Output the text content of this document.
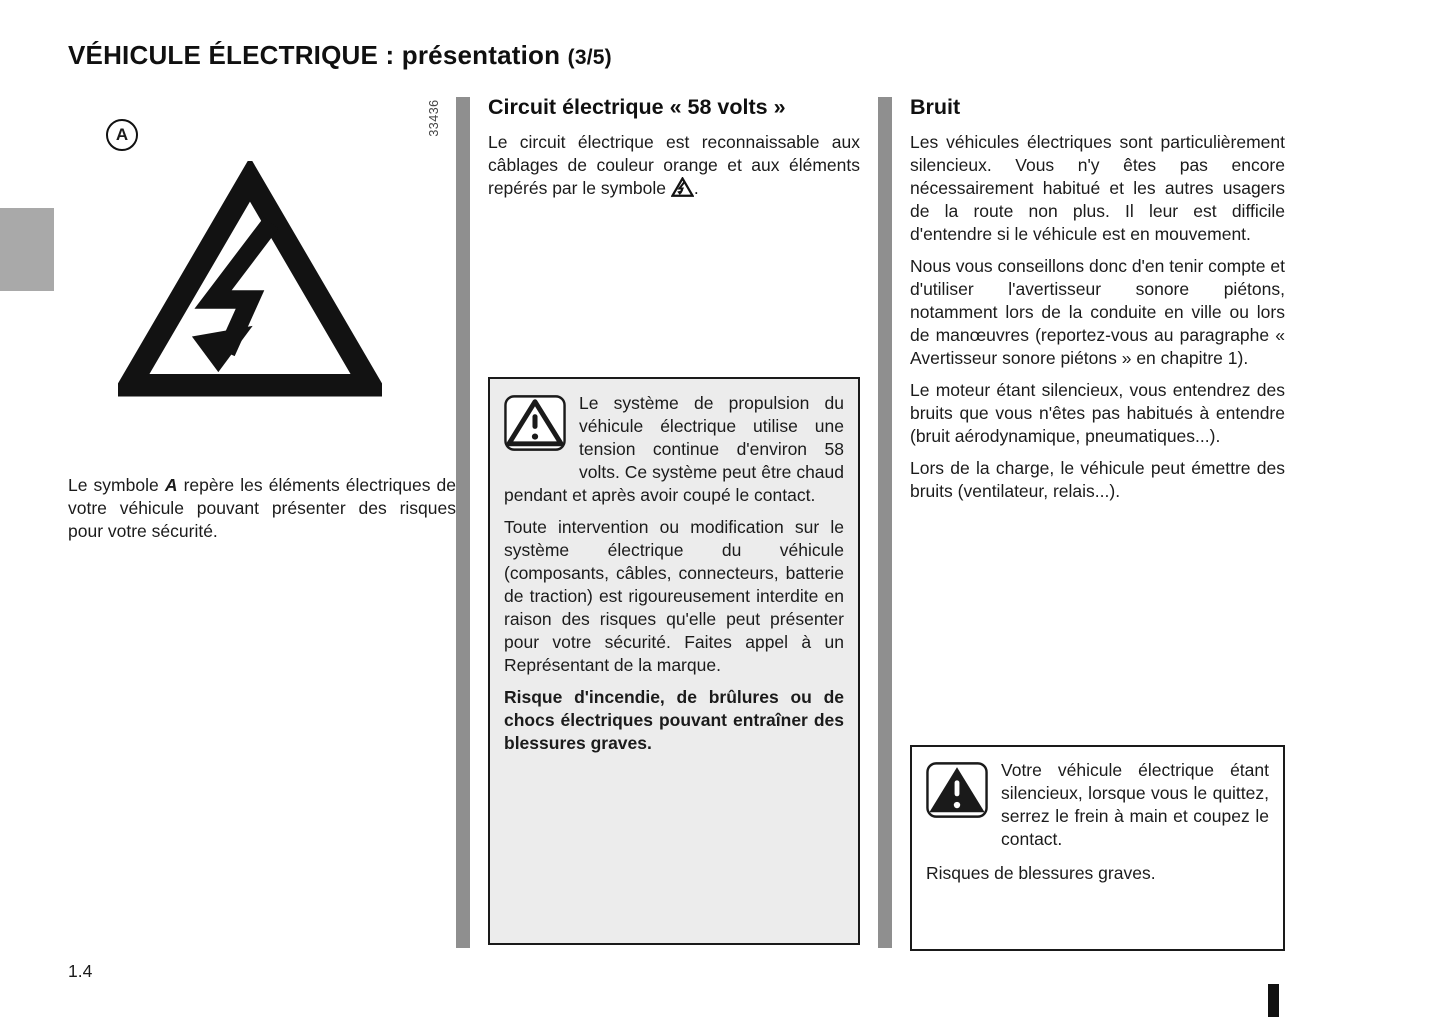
VÉHICULE ÉLECTRIQUE : présentation (3/5)
A	33436

Le symbole A repère les éléments électriques de votre véhicule pouvant présenter des risques pour votre sécurité.

Circuit électrique « 58 volts »

Le circuit électrique est reconnaissable aux câblages de couleur orange et aux éléments repérés par le symbole .

Le système de propulsion du véhicule électrique utilise une tension continue d'environ 58 volts. Ce système peut être chaud pendant et après avoir coupé le contact.

Toute intervention ou modification sur le système électrique du véhicule (composants, câbles, connecteurs, batterie de traction) est rigoureusement interdite en raison des risques qu'elle peut présenter pour votre sécurité. Faites appel à un Représentant de la marque.

Risque d'incendie, de brûlures ou de chocs électriques pouvant entraîner des blessures graves.

Bruit

Les véhicules électriques sont particulièrement silencieux. Vous n'y êtes pas encore nécessairement habitué et les autres usagers de la route non plus. Il leur est difficile d'entendre si le véhicule est en mouvement.

Nous vous conseillons donc d'en tenir compte et d'utiliser l'avertisseur sonore piétons, notamment lors de la conduite en ville ou lors de manœuvres (reportez-vous au paragraphe « Avertisseur sonore piétons » en chapitre 1).

Le moteur étant silencieux, vous entendrez des bruits que vous n'êtes pas habitués à entendre (bruit aérodynamique, pneumatiques...).

Lors de la charge, le véhicule peut émettre des bruits (ventilateur, relais...).

Votre véhicule électrique étant silencieux, lorsque vous le quittez, serrez le frein à main et coupez le contact.

Risques de blessures graves.

1.4
